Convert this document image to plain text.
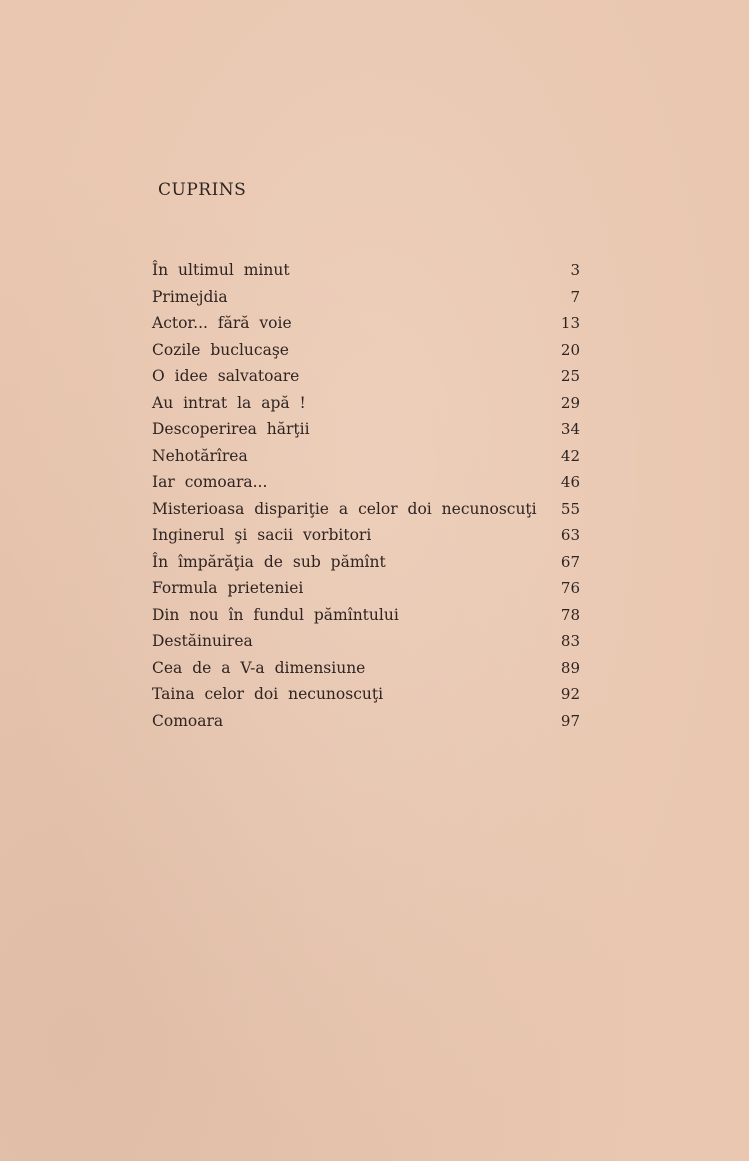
CUPRINS
În ultimul minut	3
Primejdia	7
Actor... fără voie	13
Cozile buclucaşe	20
O idee salvatoare	25
Au intrat la apă !	29
Descoperirea hărţii	34
Nehotărîrea	42
Iar comoara...	46
Misterioasa dispariţie a celor doi necunoscuţi	55
Inginerul şi sacii vorbitori	63
În împărăţia de sub pămînt	67
Formula prieteniei	76
Din nou în fundul pămîntului	78
Destăinuirea	83
Cea de a V-a dimensiune	89
Taina celor doi necunoscuţi	92
Comoara	97
